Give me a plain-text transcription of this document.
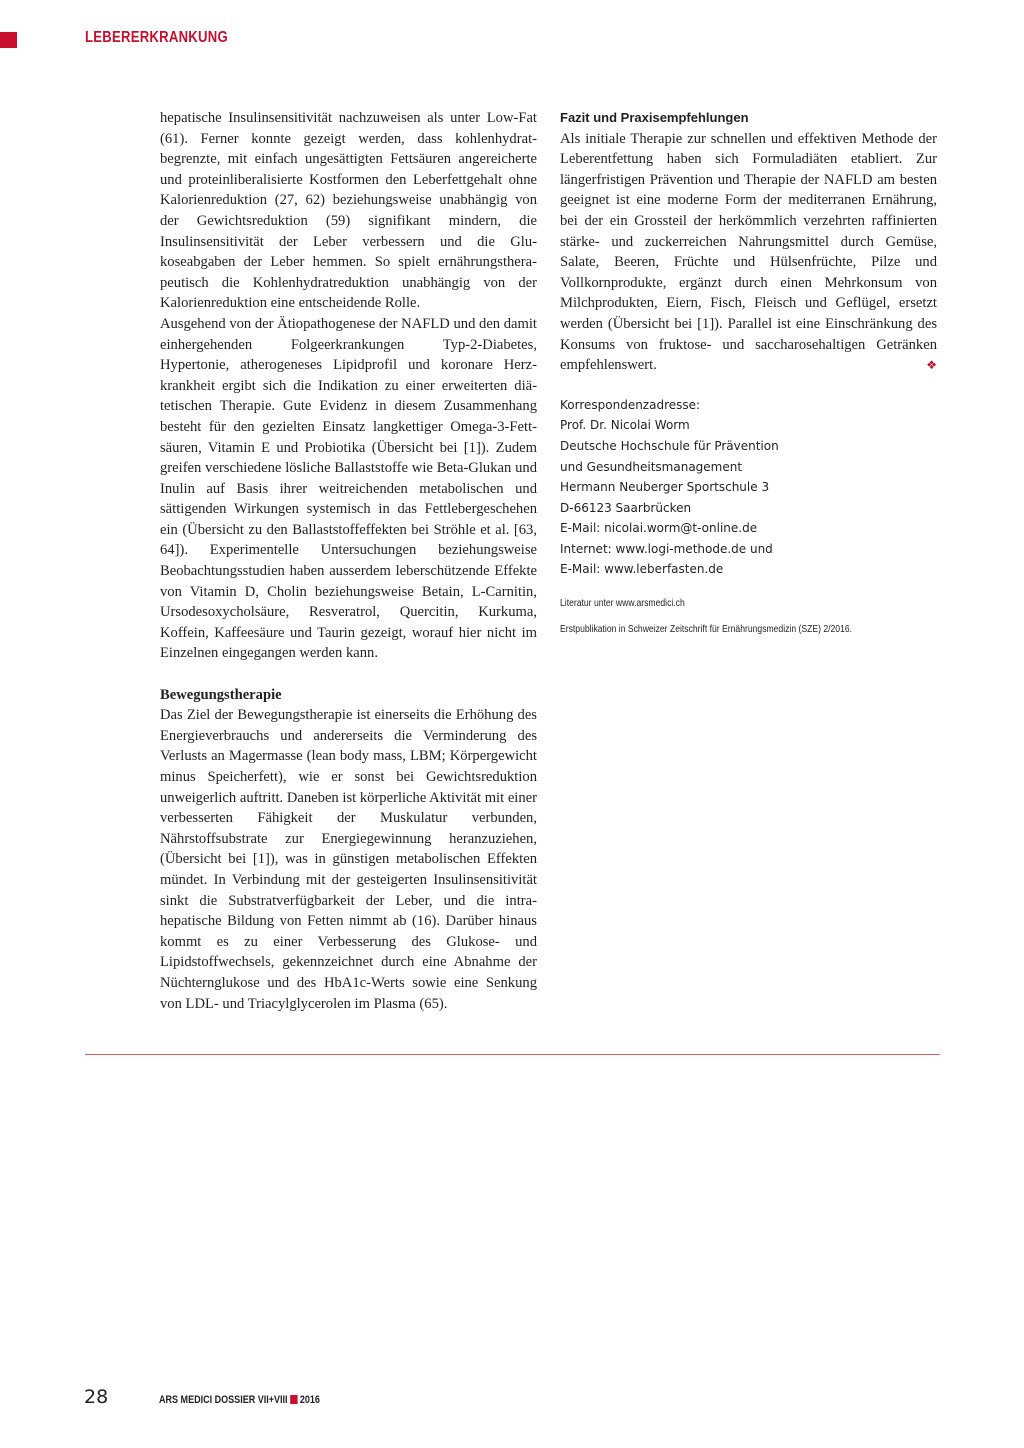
LEBERERKRANKUNG

hepatische Insulinsensitivität nachzuweisen als unter Low-Fat (61). Ferner konnte gezeigt werden, dass kohlenhydratbegrenzte, mit einfach ungesättigten Fettsäuren angereicherte und proteinliberalisierte Kostformen den Leberfettgehalt ohne Kalorienreduktion (27, 62) beziehungsweise unabhängig von der Gewichtsreduktion (59) signifikant mindern, die Insulinsensitivität der Leber verbessern und die Glukoseabgaben der Leber hemmen. So spielt ernährungstherapeutisch die Kohlenhydratreduktion unabhängig von der Kalorienreduktion eine entscheidende Rolle.

Ausgehend von der Ätiopathogenese der NAFLD und den damit einhergehenden Folgeerkrankungen Typ-2-Diabetes, Hypertonie, atherogeneses Lipidprofil und koronare Herzkrankheit ergibt sich die Indikation zu einer erweiterten diätetischen Therapie. Gute Evidenz in diesem Zusammenhang besteht für den gezielten Einsatz langkettiger Omega-3-Fettsäuren, Vitamin E und Probiotika (Übersicht bei [1]). Zudem greifen verschiedene lösliche Ballaststoffe wie Beta-Glukan und Inulin auf Basis ihrer weitreichenden metabolischen und sättigenden Wirkungen systemisch in das Fettlebergeschehen ein (Übersicht zu den Ballaststoffeffekten bei Ströhle et al. [63, 64]). Experimentelle Untersuchungen beziehungsweise Beobachtungsstudien haben ausserdem leberschützende Effekte von Vitamin D, Cholin beziehungsweise Betain, L-Carnitin, Ursodesoxycholsäure, Resveratrol, Quercitin, Kurkuma, Koffein, Kaffeesäure und Taurin gezeigt, worauf hier nicht im Einzelnen eingegangen werden kann.

Bewegungstherapie

Das Ziel der Bewegungstherapie ist einerseits die Erhöhung des Energieverbrauchs und andererseits die Verminderung des Verlusts an Magermasse (lean body mass, LBM; Körpergewicht minus Speicherfett), wie er sonst bei Gewichtsreduktion unweigerlich auftritt. Daneben ist körperliche Aktivität mit einer verbesserten Fähigkeit der Muskulatur verbunden, Nährstoffsubstrate zur Energiegewinnung heranzuziehen, (Übersicht bei [1]), was in günstigen metabolischen Effekten mündet. In Verbindung mit der gesteigerten Insulinsensitivität sinkt die Substratverfügbarkeit der Leber, und die intrahepatische Bildung von Fetten nimmt ab (16). Darüber hinaus kommt es zu einer Verbesserung des Glukose- und Lipidstoffwechsels, gekennzeichnet durch eine Abnahme der Nüchternglukose und des HbA1c-Werts sowie eine Senkung von LDL- und Triacylglycerolen im Plasma (65).

Fazit und Praxisempfehlungen

Als initiale Therapie zur schnellen und effektiven Methode der Leberentfettung haben sich Formuladiäten etabliert. Zur längerfristigen Prävention und Therapie der NAFLD am besten geeignet ist eine moderne Form der mediterranen Ernährung, bei der ein Grossteil der herkömmlich verzehrten raffinierten stärke- und zuckerreichen Nahrungsmittel durch Gemüse, Salate, Beeren, Früchte und Hülsenfrüchte, Pilze und Vollkornprodukte, ergänzt durch einen Mehrkonsum von Milchprodukten, Eiern, Fisch, Fleisch und Geflügel, ersetzt werden (Übersicht bei [1]). Parallel ist eine Einschränkung des Konsums von fruktose- und saccharosehaltigen Getränken empfehlenswert.	❖

Korrespondenzadresse:
Prof. Dr. Nicolai Worm
Deutsche Hochschule für Prävention
und Gesundheitsmanagement
Hermann Neuberger Sportschule 3
D-66123 Saarbrücken
E-Mail: nicolai.worm@t-online.de
Internet: www.logi-methode.de und
E-Mail: www.leberfasten.de
Literatur unter www.arsmedici.ch
Erstpublikation in Schweizer Zeitschrift für Ernährungsmedizin (SZE) 2/2016.
28	ARS MEDICI DOSSIER VII+VIII 2016
